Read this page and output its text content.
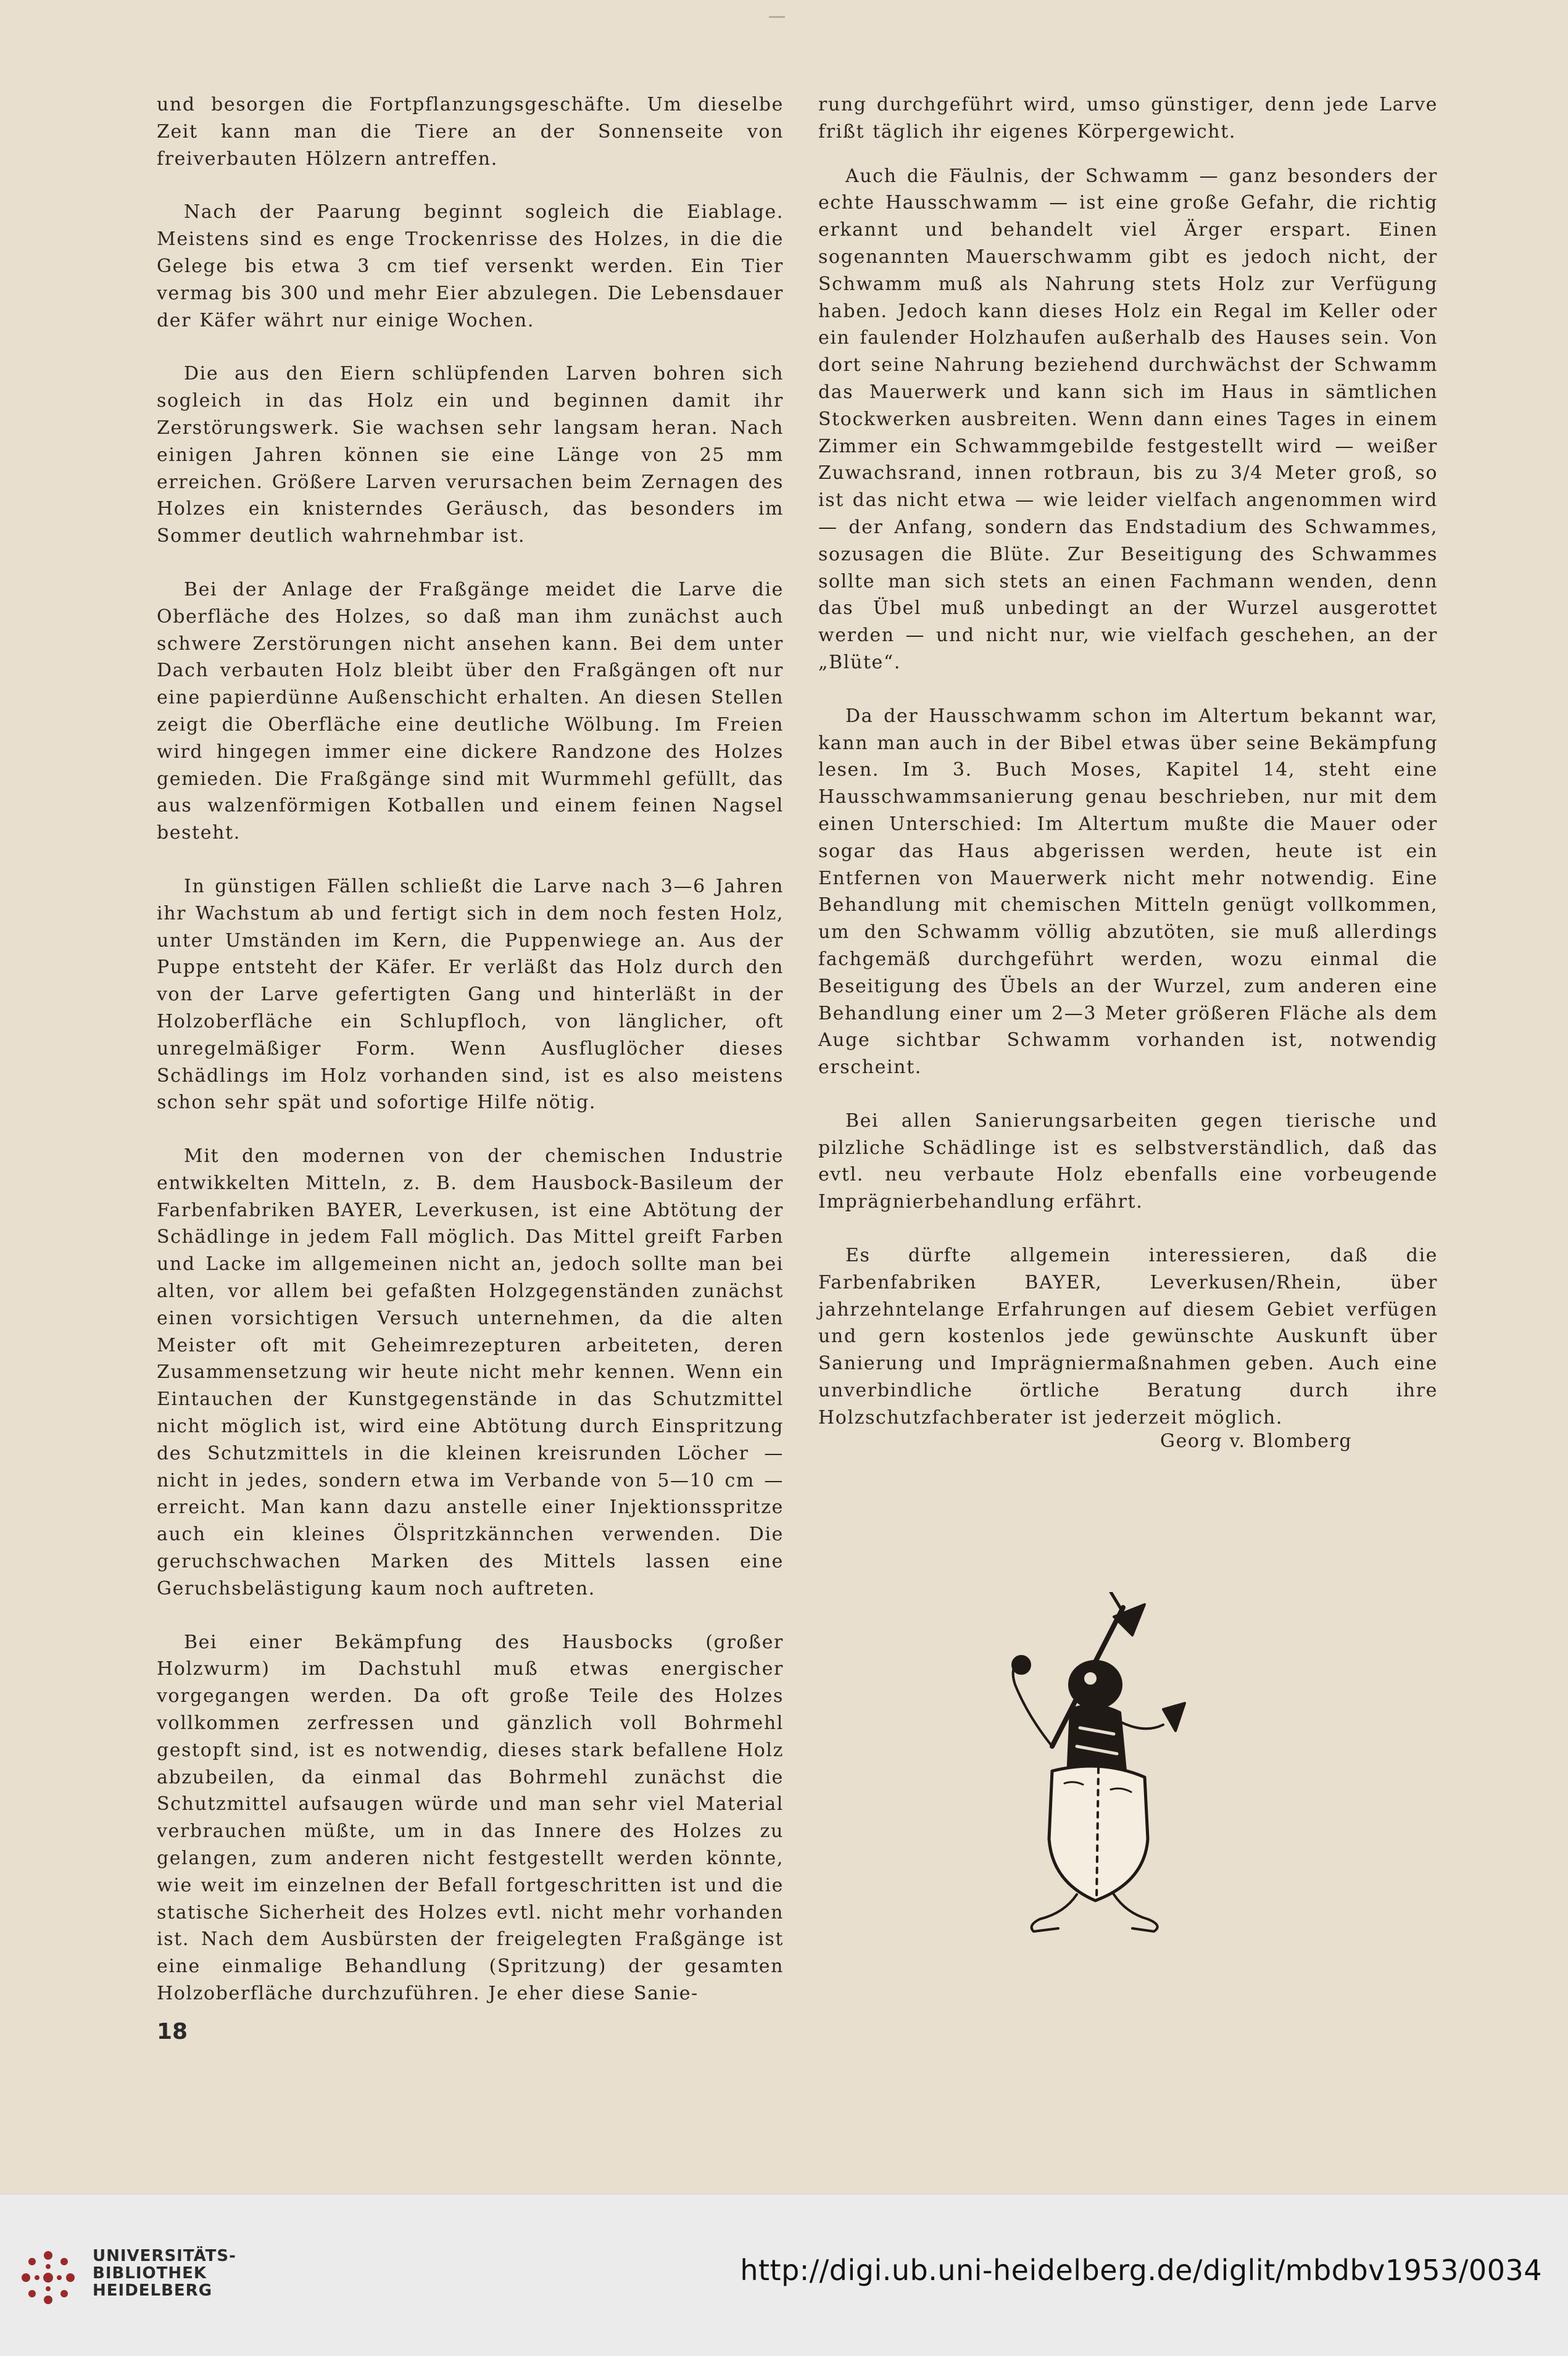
und besorgen die Fortpflanzungsgeschäfte. Um dieselbe Zeit kann man die Tiere an der Sonnenseite von freiverbauten Hölzern antreffen.

Nach der Paarung beginnt sogleich die Eiablage. Meistens sind es enge Trockenrisse des Holzes, in die die Gelege bis etwa 3 cm tief versenkt werden. Ein Tier vermag bis 300 und mehr Eier abzulegen. Die Lebensdauer der Käfer währt nur einige Wochen.

Die aus den Eiern schlüpfenden Larven bohren sich sogleich in das Holz ein und beginnen damit ihr Zerstörungswerk. Sie wachsen sehr langsam heran. Nach einigen Jahren können sie eine Länge von 25 mm erreichen. Größere Larven verursachen beim Zernagen des Holzes ein knisterndes Geräusch, das besonders im Sommer deutlich wahrnehmbar ist.

Bei der Anlage der Fraßgänge meidet die Larve die Oberfläche des Holzes, so daß man ihm zunächst auch schwere Zerstörungen nicht ansehen kann. Bei dem unter Dach verbauten Holz bleibt über den Fraßgängen oft nur eine papierdünne Außenschicht erhalten. An diesen Stellen zeigt die Oberfläche eine deutliche Wölbung. Im Freien wird hingegen immer eine dickere Randzone des Holzes gemieden. Die Fraßgänge sind mit Wurmmehl gefüllt, das aus walzenförmigen Kotballen und einem feinen Nagsel besteht.

In günstigen Fällen schließt die Larve nach 3—6 Jahren ihr Wachstum ab und fertigt sich in dem noch festen Holz, unter Umständen im Kern, die Puppenwiege an. Aus der Puppe entsteht der Käfer. Er verläßt das Holz durch den von der Larve gefertigten Gang und hinterläßt in der Holzoberfläche ein Schlupfloch, von länglicher, oft unregelmäßiger Form. Wenn Ausfluglöcher dieses Schädlings im Holz vorhanden sind, ist es also meistens schon sehr spät und sofortige Hilfe nötig.

Mit den modernen von der chemischen Industrie entwikkelten Mitteln, z. B. dem Hausbock-Basileum der Farbenfabriken BAYER, Leverkusen, ist eine Abtötung der Schädlinge in jedem Fall möglich. Das Mittel greift Farben und Lacke im allgemeinen nicht an, jedoch sollte man bei alten, vor allem bei gefaßten Holzgegenständen zunächst einen vorsichtigen Versuch unternehmen, da die alten Meister oft mit Geheimrezepturen arbeiteten, deren Zusammensetzung wir heute nicht mehr kennen. Wenn ein Eintauchen der Kunstgegenstände in das Schutzmittel nicht möglich ist, wird eine Abtötung durch Einspritzung des Schutzmittels in die kleinen kreisrunden Löcher — nicht in jedes, sondern etwa im Verbande von 5—10 cm — erreicht. Man kann dazu anstelle einer Injektionsspritze auch ein kleines Ölspritzkännchen verwenden. Die geruchschwachen Marken des Mittels lassen eine Geruchsbelästigung kaum noch auftreten.

Bei einer Bekämpfung des Hausbocks (großer Holzwurm) im Dachstuhl muß etwas energischer vorgegangen werden. Da oft große Teile des Holzes vollkommen zerfressen und gänzlich voll Bohrmehl gestopft sind, ist es notwendig, dieses stark befallene Holz abzubeilen, da einmal das Bohrmehl zunächst die Schutzmittel aufsaugen würde und man sehr viel Material verbrauchen müßte, um in das Innere des Holzes zu gelangen, zum anderen nicht festgestellt werden könnte, wie weit im einzelnen der Befall fortgeschritten ist und die statische Sicherheit des Holzes evtl. nicht mehr vorhanden ist. Nach dem Ausbürsten der freigelegten Fraßgänge ist eine einmalige Behandlung (Spritzung) der gesamten Holzoberfläche durchzuführen. Je eher diese Sanie-

rung durchgeführt wird, umso günstiger, denn jede Larve frißt täglich ihr eigenes Körpergewicht.

Auch die Fäulnis, der Schwamm — ganz besonders der echte Hausschwamm — ist eine große Gefahr, die richtig erkannt und behandelt viel Ärger erspart. Einen sogenannten Mauerschwamm gibt es jedoch nicht, der Schwamm muß als Nahrung stets Holz zur Verfügung haben. Jedoch kann dieses Holz ein Regal im Keller oder ein faulender Holzhaufen außerhalb des Hauses sein. Von dort seine Nahrung beziehend durchwächst der Schwamm das Mauerwerk und kann sich im Haus in sämtlichen Stockwerken ausbreiten. Wenn dann eines Tages in einem Zimmer ein Schwammgebilde festgestellt wird — weißer Zuwachsrand, innen rotbraun, bis zu 3/4 Meter groß, so ist das nicht etwa — wie leider vielfach angenommen wird — der Anfang, sondern das Endstadium des Schwammes, sozusagen die Blüte. Zur Beseitigung des Schwammes sollte man sich stets an einen Fachmann wenden, denn das Übel muß unbedingt an der Wurzel ausgerottet werden — und nicht nur, wie vielfach geschehen, an der „Blüte“.

Da der Hausschwamm schon im Altertum bekannt war, kann man auch in der Bibel etwas über seine Bekämpfung lesen. Im 3. Buch Moses, Kapitel 14, steht eine Hausschwammsanierung genau beschrieben, nur mit dem einen Unterschied: Im Altertum mußte die Mauer oder sogar das Haus abgerissen werden, heute ist ein Entfernen von Mauerwerk nicht mehr notwendig. Eine Behandlung mit chemischen Mitteln genügt vollkommen, um den Schwamm völlig abzutöten, sie muß allerdings fachgemäß durchgeführt werden, wozu einmal die Beseitigung des Übels an der Wurzel, zum anderen eine Behandlung einer um 2—3 Meter größeren Fläche als dem Auge sichtbar Schwamm vorhanden ist, notwendig erscheint.

Bei allen Sanierungsarbeiten gegen tierische und pilzliche Schädlinge ist es selbstverständlich, daß das evtl. neu verbaute Holz ebenfalls eine vorbeugende Imprägnierbehandlung erfährt.

Es dürfte allgemein interessieren, daß die Farbenfabriken BAYER, Leverkusen/Rhein, über jahrzehntelange Erfahrungen auf diesem Gebiet verfügen und gern kostenlos jede gewünschte Auskunft über Sanierung und Imprägniermaßnahmen geben. Auch eine unverbindliche örtliche Beratung durch ihre Holzschutzfachberater ist jederzeit möglich.

Georg v. Blomberg
18
UNIVERSITÄTS-
BIBLIOTHEK
HEIDELBERG
http://digi.ub.uni-heidelberg.de/diglit/mbdbv1953/0034
